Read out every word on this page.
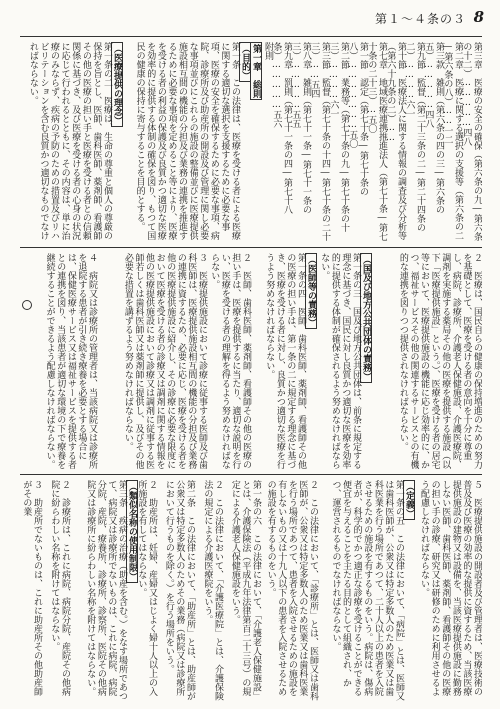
第１～４条の３ 8

第三章　医療の安全の確保（第六条の九―第六条の十二）……………四八

第二章　医療に関する選択の支援等（第六条の二―第六条の八）……一二

第三款　雑則（第六条の四の三―第六条の五）……………四八

第九節　監督（第二十三条の二―第二十四条の二）…………六一

第十節　医療法人に関する情報の調査及び分析等（第六十九条の二）……

第七章　地域医療連携推進法人（第七十条―第七十条の二十三）…五〇

第一節　認定（第七十条―第七十条の八）…………………五〇

第二節　業務等（第七十条の九―第七十条の十三）…………六一

第三節　監督（第七十条の十四―第七十条の二十三）……五四

第八章　雑則（第七十一条―第七十一条の三）……………五五

第九章　罰則（第七十一条の四―第七十八条）……………五六

附則

第一章　総則

（目的）

第一条　この法律は、医療を受ける者による医療に関する適切な選択を支援するために必要な事項、医療の安全を確保するために必要な事項、病院、診療所及び助産所の開設及び管理に関し必要な事項並びにこれらの施設の整備並びに医療提供施設相互間の機能の分担及び業務の連携を推進するために必要な事項を定めること等により、医療を受ける者の利益の保護及び良質かつ適切な医療を効率的に提供する体制の確保を図り、もつて国民の健康の保持に寄与することを目的とする。

（医療提供の理念）

第一条の二　医療は、生命の尊重と個人の尊厳の保持を旨とし、医師、歯科医師、薬剤師、看護師その他の医療の担い手と医療を受ける者との信頼関係に基づき、及び医療を受ける者の心身の状況に応じて行われるとともに、その内容は、単に治療のみならず、疾病の予防のための措置及びリハビリテーションを含む良質かつ適切なものでなければならない。

２　医療は、国民自らの健康の保持増進のための努力を基礎として、医療を受ける者の意向を十分に尊重し、病院、診療所、介護老人保健施設、介護医療院、調剤を実施する薬局その他の医療を提供する施設（以下「医療提供施設」という。）、医療を受ける者の居宅等において、医療提供施設の機能に応じ効率的に、かつ、福祉サービスその他の関連するサービスとの有機的な連携を図りつつ提供されなければならない。

（国及び地方公共団体の責務）

第一条の三　国及び地方公共団体は、前条に規定する理念に基づき、国民に対し良質かつ適切な医療を効率的に提供する体制が確保されるよう努めなければならない。

（医師等の責務）

第一条の四　医師、歯科医師、薬剤師、看護師その他の医療の担い手は、第一条の二に規定する理念に基づき、医療を受ける者に対し、良質かつ適切な医療を行うよう努めなければならない。

２　医師、歯科医師、薬剤師、看護師その他の医療の担い手は、医療を提供するに当たり、適切な説明を行い、医療を受ける者の理解を得るよう努めなければならない。

３　医療提供施設において診療に従事する医師及び歯科医師は、医療提供施設相互間の機能の分担及び業務の連携に資するため、必要に応じ、医療を受ける者を他の医療提供施設に紹介し、その診療に必要な限度において医療を受ける者の診療又は調剤に関する情報を他の医療提供施設において診療又は調剤に従事する医師若しくは歯科医師又は薬剤師に提供し、及びその他必要な措置を講ずるよう努めなければならない。

４　病院又は診療所の管理者は、当該病院又は診療所を退院する患者が引き続き療養を必要とする場合には、保健医療サービス又は福祉サービスを提供する者との連携を図り、当該患者が適切な環境の下で療養を継続することができるよう配慮しなければならない。

５　医療提供施設の開設者及び管理者は、医療技術の普及及び医療の効率的な提供に資するため、当該医療提供施設の建物又は設備を、当該医療提供施設に勤務しない医師、歯科医師、薬剤師、看護師その他の医療の担い手の診療、研究又は研修のために利用させるよう配慮しなければならない。

（定義）

第一条の五　この法律において、「病院」とは、医師又は歯科医師が、公衆又は特定多数人のため医業又は歯科医業を行う場所であつて、二十人以上の患者を入院させるための施設を有するものをいう。病院は、傷病者が、科学的でかつ適正な診療を受けることができる便宜を与えることを主たる目的として組織され、かつ、運営されるものでなければならない。

２　この法律において、「診療所」とは、医師又は歯科医師が、公衆又は特定多数人のため医業又は歯科医業を行う場所であつて、患者を入院させるための施設を有しないもの又は十九人以下の患者を入院させるための施設を有するものをいう。

第一条の六　この法律において、「介護老人保健施設」とは、介護保険法（平成九年法律第百二十三号）の規定による介護老人保健施設をいう。

２　この法律において、「介護医療院」とは、介護保険法の規定による介護医療院をいう。

第二条　この法律において、「助産所」とは、助産師が公衆又は特定多数人のためその業務（病院又は診療所において行うものを除く。）を行う場所をいう。

２　助産所は、妊婦、産婦又はじよく婦十人以上の入所施設を有してはならない。

（類似名称の使用制限）

第三条　疾病の治療（助産を含む。）をなす場所であつて、病院又は診療所でないものは、これに病院、病院分院、産院、療養所、診療所、診察所、医院その他病院又は診療所に紛らわしい名称を附けてはならない。

２　診療所は、これに病院、病院分院、産院その他病院に紛らわしい名称を附けてはならない。

３　助産所でないものは、これに助産所その他助産師がその業
